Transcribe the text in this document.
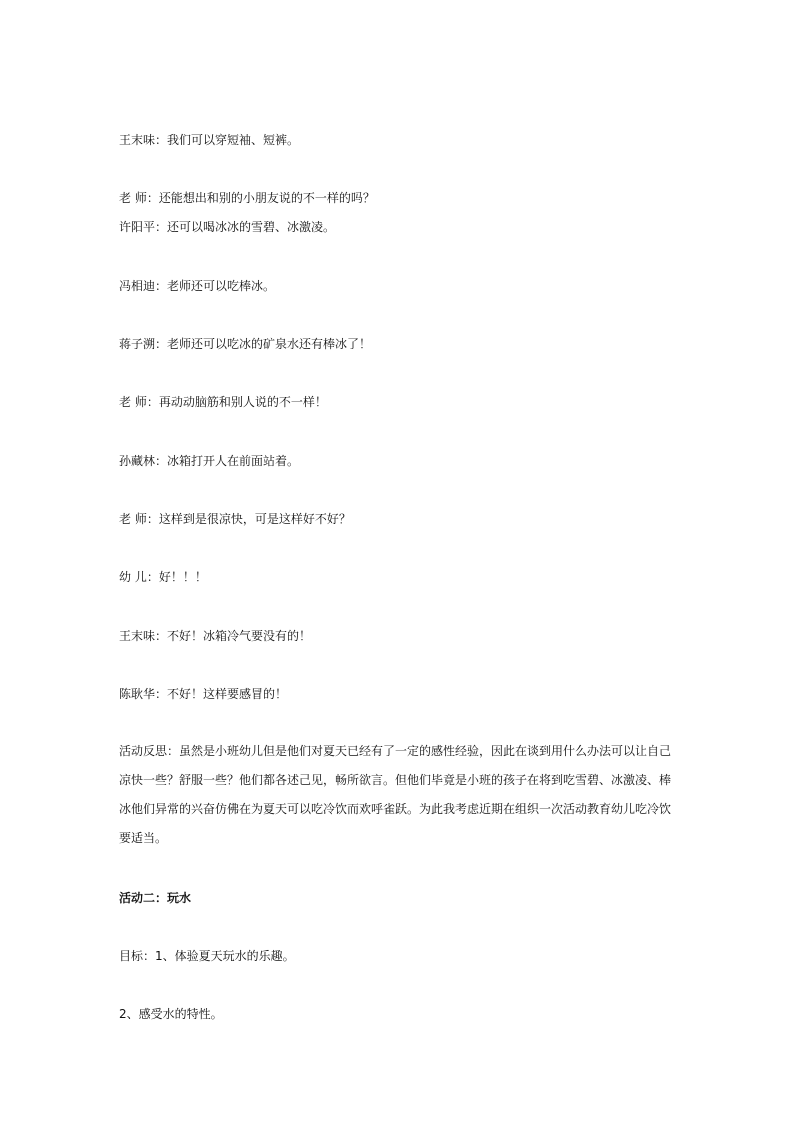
王末味：我们可以穿短袖、短裤。
老 师：还能想出和别的小朋友说的不一样的吗？
许阳平：还可以喝冰冰的雪碧、冰激凌。
冯相迪：老师还可以吃棒冰。
蒋子溯：老师还可以吃冰的矿泉水还有棒冰了！
老 师：再动动脑筋和别人说的不一样！
孙藏林：冰箱打开人在前面站着。
老 师：这样到是很凉快，可是这样好不好？
幼 儿：好！！！
王末味：不好！冰箱冷气要没有的！
陈耿华：不好！这样要感冒的！
活动反思：虽然是小班幼儿但是他们对夏天已经有了一定的感性经验，因此在谈到用什么办法可以让自己凉快一些？舒服一些？他们都各述己见，畅所欲言。但他们毕竟是小班的孩子在将到吃雪碧、冰激凌、棒冰他们异常的兴奋仿佛在为夏天可以吃冷饮而欢呼雀跃。为此我考虑近期在组织一次活动教育幼儿吃冷饮要适当。
活动二：玩水
目标：1、体验夏天玩水的乐趣。
2、感受水的特性。
